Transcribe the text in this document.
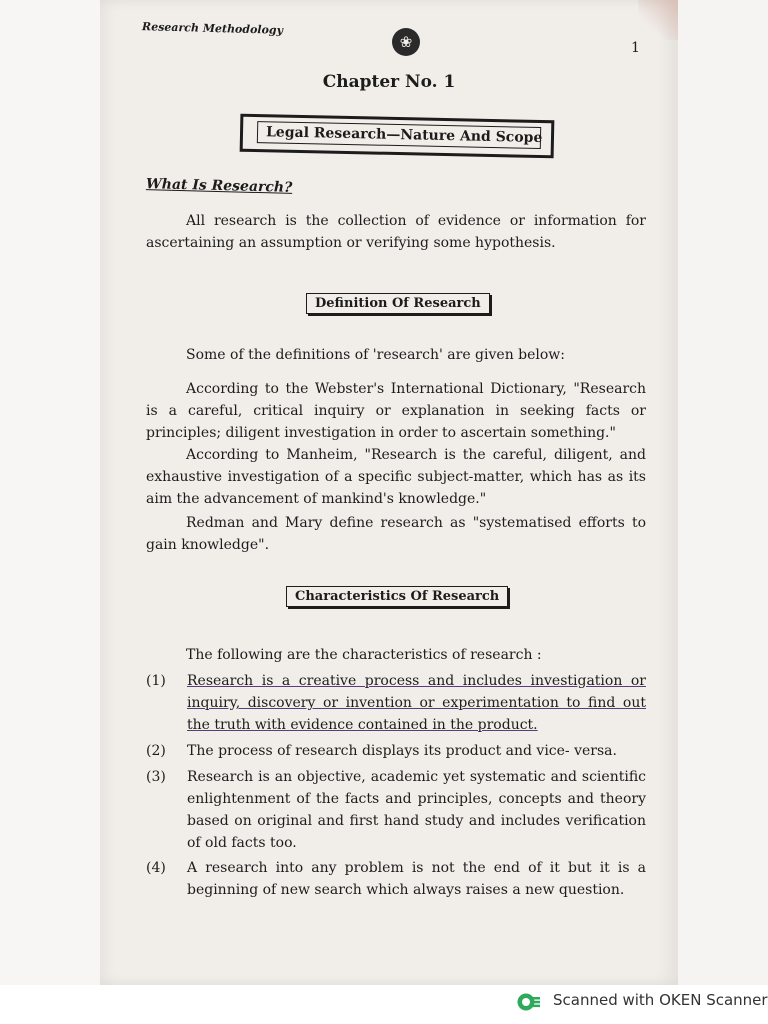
Research Methodology
❀	1
Chapter No. 1
Legal Research—Nature And Scope
What Is Research?

All research is the collection of evidence or information for ascertaining an assumption or verifying some hypothesis.

Definition Of Research

Some of the definitions of 'research' are given below:

According to the Webster's International Dictionary, "Research is a careful, critical inquiry or explanation in seeking facts or principles; diligent investigation in order to ascertain something."

According to Manheim, "Research is the careful, diligent, and exhaustive investigation of a specific subject-matter, which has as its aim the advancement of mankind's knowledge."

Redman and Mary define research as "systematised efforts to gain knowledge".

Characteristics Of Research

The following are the characteristics of research :

(1) Research is a creative process and includes investigation or inquiry, discovery or invention or experimentation to find out the truth with evidence contained in the product.
(2) The process of research displays its product and vice- versa.
(3) Research is an objective, academic yet systematic and scientific enlightenment of the facts and principles, concepts and theory based on original and first hand study and includes verification of old facts too.
(4) A research into any problem is not the end of it but it is a beginning of new search which always raises a new question.
Scanned with OKEN Scanner
